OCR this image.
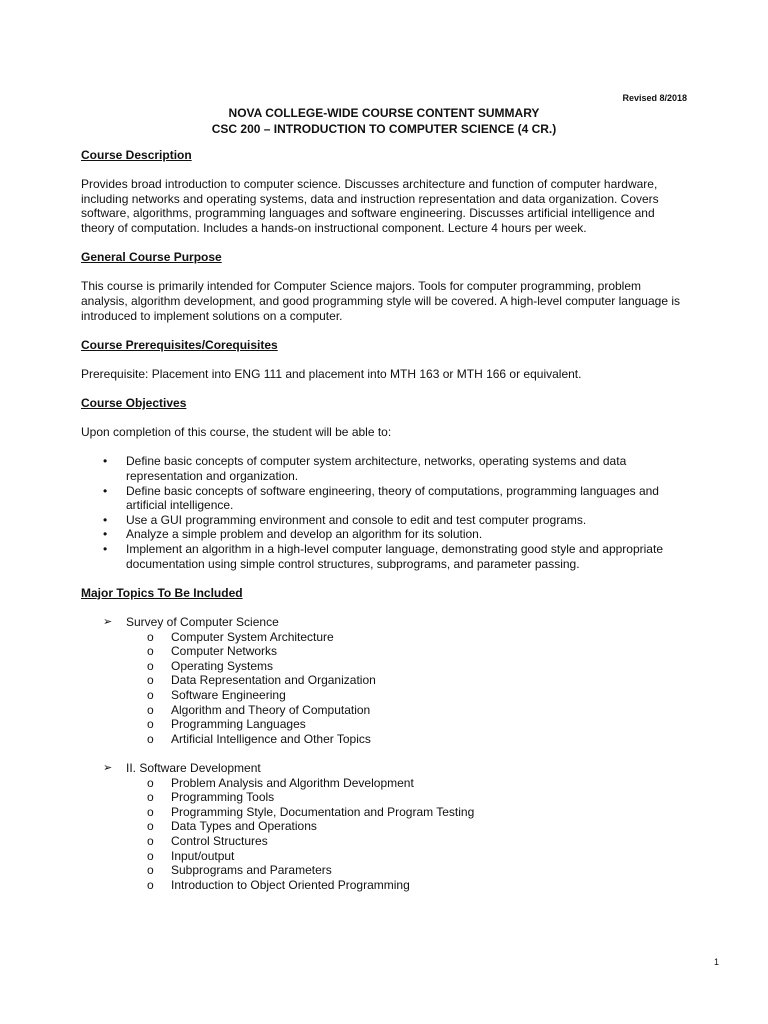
Revised 8/2018
NOVA COLLEGE-WIDE COURSE CONTENT SUMMARY
CSC 200 – INTRODUCTION TO COMPUTER SCIENCE (4 CR.)
Course Description
Provides broad introduction to computer science. Discusses architecture and function of computer hardware, including networks and operating systems, data and instruction representation and data organization. Covers software, algorithms, programming languages and software engineering. Discusses artificial intelligence and theory of computation. Includes a hands-on instructional component. Lecture 4 hours per week.
General Course Purpose
This course is primarily intended for Computer Science majors. Tools for computer programming, problem analysis, algorithm development, and good programming style will be covered. A high-level computer language is introduced to implement solutions on a computer.
Course Prerequisites/Corequisites
Prerequisite: Placement into ENG 111 and placement into MTH 163 or MTH 166 or equivalent.
Course Objectives
Upon completion of this course, the student will be able to:
• Define basic concepts of computer system architecture, networks, operating systems and data representation and organization.
• Define basic concepts of software engineering, theory of computations, programming languages and artificial intelligence.
• Use a GUI programming environment and console to edit and test computer programs.
• Analyze a simple problem and develop an algorithm for its solution.
• Implement an algorithm in a high-level computer language, demonstrating good style and appropriate documentation using simple control structures, subprograms, and parameter passing.
Major Topics To Be Included
➢ Survey of Computer Science
o Computer System Architecture
o Computer Networks
o Operating Systems
o Data Representation and Organization
o Software Engineering
o Algorithm and Theory of Computation
o Programming Languages
o Artificial Intelligence and Other Topics
➢ II. Software Development
o Problem Analysis and Algorithm Development
o Programming Tools
o Programming Style, Documentation and Program Testing
o Data Types and Operations
o Control Structures
o Input/output
o Subprograms and Parameters
o Introduction to Object Oriented Programming
1
